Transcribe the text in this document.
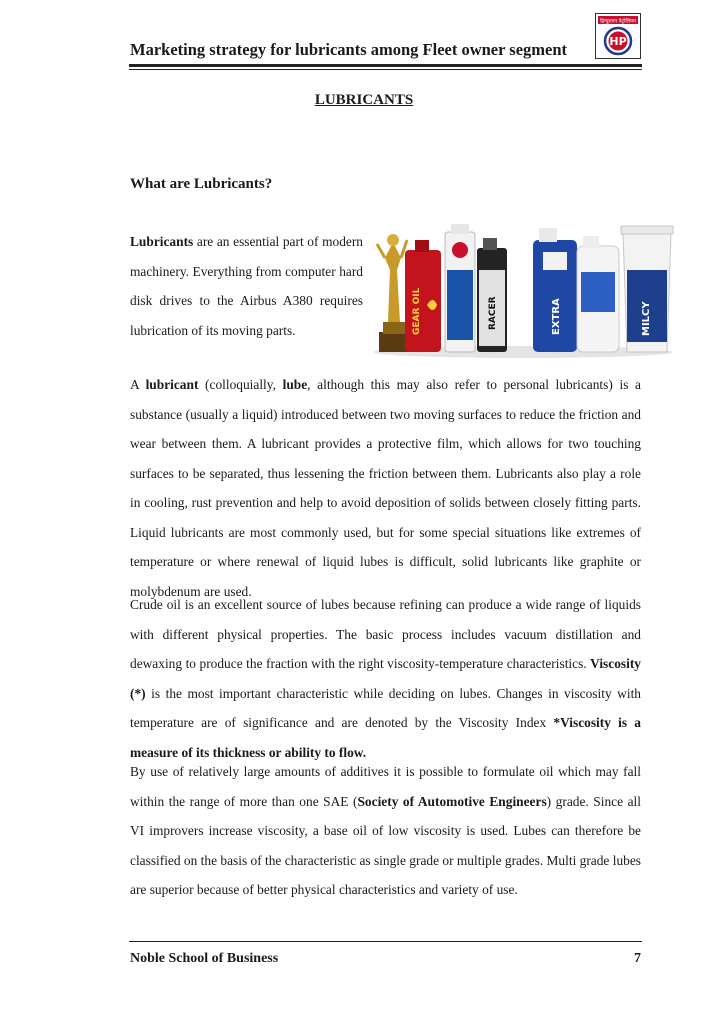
Marketing strategy for lubricants among Fleet owner segment
हिन्दुस्तान पेट्रोलियम
HP
LUBRICANTS
What are Lubricants?
Lubricants are an essential part of modern machinery. Everything from computer hard disk drives to the Airbus A380 requires lubrication of its moving parts.	GEAR OIL	RACER	EXTRA	MILCY
A lubricant (colloquially, lube, although this may also refer to personal lubricants) is a substance (usually a liquid) introduced between two moving surfaces to reduce the friction and wear between them. A lubricant provides a protective film, which allows for two touching surfaces to be separated, thus lessening the friction between them. Lubricants also play a role in cooling, rust prevention and help to avoid deposition of solids between closely fitting parts. Liquid lubricants are most commonly used, but for some special situations like extremes of temperature or where renewal of liquid lubes is difficult, solid lubricants like graphite or molybdenum are used.
Crude oil is an excellent source of lubes because refining can produce a wide range of liquids with different physical properties. The basic process includes vacuum distillation and dewaxing to produce the fraction with the right viscosity-temperature characteristics. Viscosity (*) is the most important characteristic while deciding on lubes. Changes in viscosity with temperature are of significance and are denoted by the Viscosity Index *Viscosity is a measure of its thickness or ability to flow.
By use of relatively large amounts of additives it is possible to formulate oil which may fall within the range of more than one SAE (Society of Automotive Engineers) grade. Since all VI improvers increase viscosity, a base oil of low viscosity is used. Lubes can therefore be classified on the basis of the characteristic as single grade or multiple grades. Multi grade lubes are superior because of better physical characteristics and variety of use.
Noble School of Business	7
